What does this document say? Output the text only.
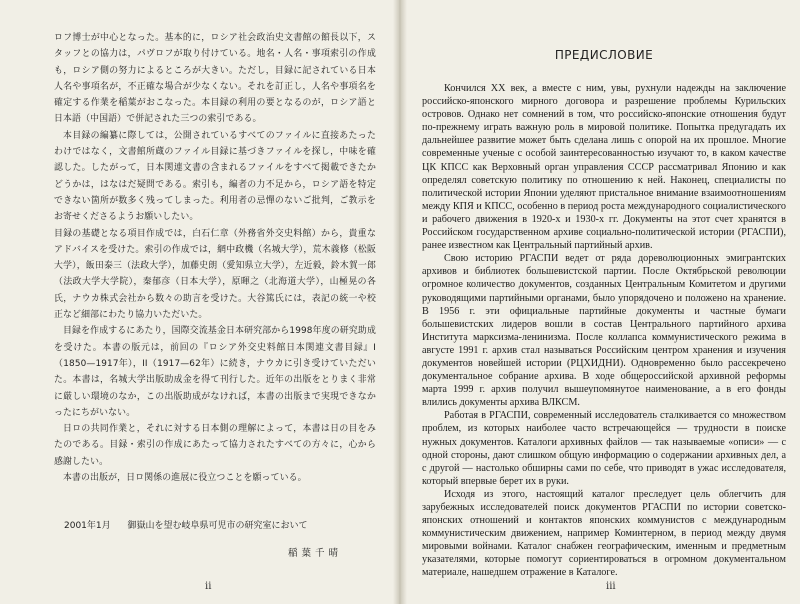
ロフ博士が中心となった。基本的に，ロシア社会政治史文書館の館長以下，スタッフとの協力は，パヴロフが取り付けている。地名・人名・事項索引の作成も，ロシア側の努力によるところが大きい。ただし，目録に記されている日本人名や事項名が，不正確な場合が少なくない。それを訂正し，人名や事項名を確定する作業を稲葉がおこなった。本目録の利用の要となるのが，ロシア語と日本語（中国語）で併記された三つの索引である。

本目録の編纂に際しては，公開されているすべてのファイルに直接あたったわけではなく，文書館所蔵のファイル目録に基づきファイルを探し，中味を確認した。したがって，日本関連文書の含まれるファイルをすべて掲載できたかどうかは，はなはだ疑問である。索引も，編者の力不足から，ロシア語を特定できない箇所が数多く残ってしまった。利用者の忌憚のないご批判，ご教示をお寄せくださるようお願いしたい。

目録の基礎となる項目作成では，白石仁章（外務省外交史料館）から，貴重なアドバイスを受けた。索引の作成では，網中政機（名城大学），荒木義修（松阪大学），飯田泰三（法政大学），加藤史朗（愛知県立大学），左近毅，鈴木賀一郎（法政大学大学院），秦郁彦（日本大学），原暉之（北海道大学），山極晃の各氏，ナウカ株式会社から数々の助言を受けた。大谷篤氏には，表記の統一や校正など細部にわたり協力いただいた。

目録を作成するにあたり，国際交流基金日本研究部から1998年度の研究助成を受けた。本書の版元は，前回の『ロシア外交史料館日本関連文書目録』I（1850—1917年），II（1917—62年）に続き，ナウカに引き受けていただいた。本書は，名城大学出版助成金を得て刊行した。近年の出版をとりまく非常に厳しい環境のなか，この出版助成がなければ，本書の出版まで実現できなかったにちがいない。

日ロの共同作業と，それに対する日本側の理解によって，本書は日の目をみたのである。目録・索引の作成にあたって協力されたすべての方々に，心から感謝したい。

本書の出版が，日ロ関係の進展に役立つことを願っている。

2001年1月 御嶽山を望む岐阜県可児市の研究室において
稲葉千晴
ii
ПРЕДИСЛОВИЕ

Кончился XX век, а вместе с ним, увы, рухнули надежды на заключение российско-японского мирного договора и разрешение проблемы Курильских островов. Однако нет сомнений в том, что российско-японские отношения будут по-прежнему играть важную роль в мировой политике. Попытка предугадать их дальнейшее развитие может быть сделана лишь с опорой на их прошлое. Многие современные ученые с особой заинтересованностью изучают то, в каком качестве ЦК КПСС как Верховный орган управления СССР рассматривал Японию и как определял советскую политику по отношению к ней. Наконец, специалисты по политической истории Японии уделяют пристальное внимание взаимоотношениям между КПЯ и КПСС, особенно в период роста международного социалистического и рабочего движения в 1920-х и 1930-х гг. Документы на этот счет хранятся в Российском государственном архиве социально-политической истории (РГАСПИ), ранее известном как Центральный партийный архив.

Свою историю РГАСПИ ведет от ряда дореволюционных эмигрантских архивов и библиотек большевистской партии. После Октябрьской революции огромное количество документов, созданных Центральным Комитетом и другими руководящими партийными органами, было упорядочено и положено на хранение. В 1956 г. эти официальные партийные документы и частные бумаги большевистских лидеров вошли в состав Центрального партийного архива Института марксизма-ленинизма. После коллапса коммунистического режима в августе 1991 г. архив стал называться Российским центром хранения и изучения документов новейшей истории (РЦХИДНИ). Одновременно было рассекречено документальное собрание архива. В ходе общероссийской архивной реформы марта 1999 г. архив получил вышеупомянутое наименование, а в его фонды влились документы архива ВЛКСМ.

Работая в РГАСПИ, современный исследователь сталкивается со множеством проблем, из которых наиболее часто встречающейся — трудности в поиске нужных документов. Каталоги архивных файлов — так называемые «описи» — с одной стороны, дают слишком общую информацию о содержании архивных дел, а с другой — настолько обширны сами по себе, что приводят в ужас исследователя, который впервые берет их в руки.

Исходя из этого, настоящий каталог преследует цель облегчить для зарубежных исследователей поиск документов РГАСПИ по истории советско-японских отношений и контактов японских коммунистов с международным коммунистическим движением, например Коминтерном, в период между двумя мировыми войнами. Каталог снабжен географическим, именным и предметным указателями, которые помогут сориентироваться в огромном документальном материале, нашедшем отражение в Каталоге.

iii
